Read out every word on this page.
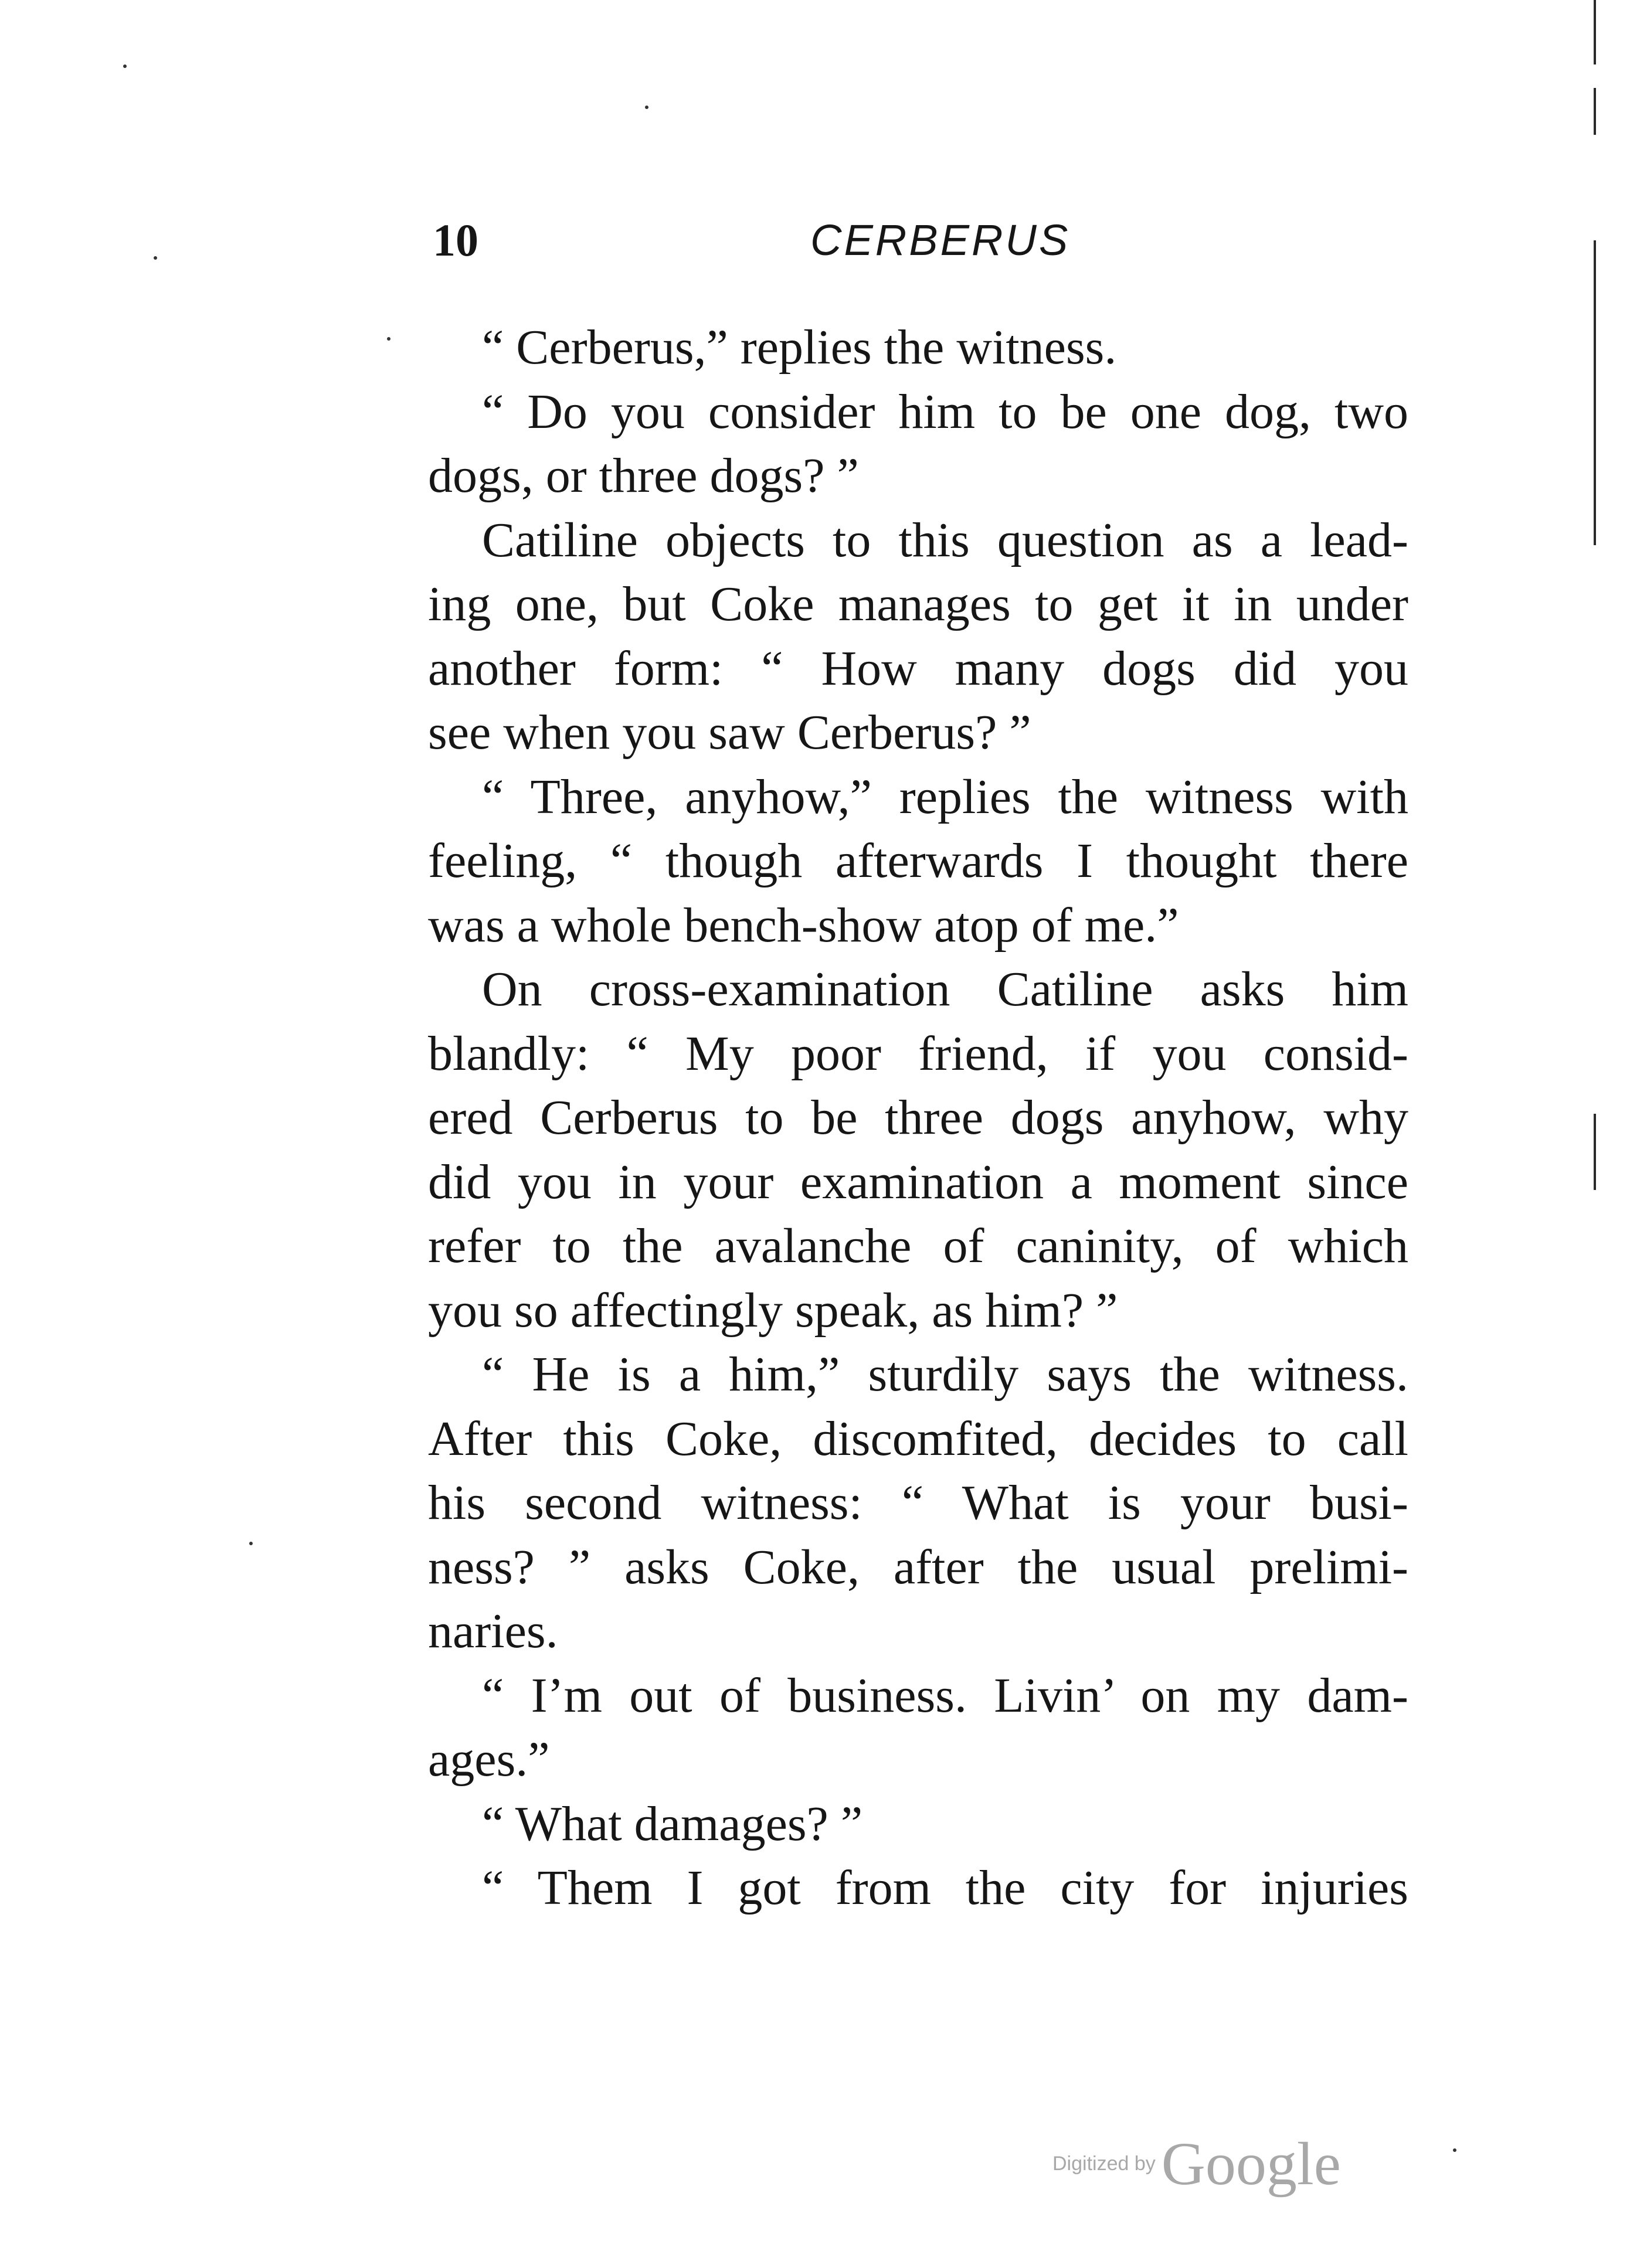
10	CERBERUS
“ Cerberus,” replies the witness.
“ Do you consider him to be one dog, two
dogs, or three dogs? ”
Catiline objects to this question as a lead-
ing one, but Coke manages to get it in under
another form: “ How many dogs did you
see when you saw Cerberus? ”
“ Three, anyhow,” replies the witness with
feeling, “ though afterwards I thought there
was a whole bench-show atop of me.”
On cross-examination Catiline asks him
blandly: “ My poor friend, if you consid-
ered Cerberus to be three dogs anyhow, why
did you in your examination a moment since
refer to the avalanche of caninity, of which
you so affectingly speak, as him? ”
“ He is a him,” sturdily says the witness.
After this Coke, discomfited, decides to call
his second witness: “ What is your busi-
ness? ” asks Coke, after the usual prelimi-
naries.
“ I’m out of business. Livin’ on my dam-
ages.”
“ What damages? ”
“ Them I got from the city for injuries
Digitized by Google
